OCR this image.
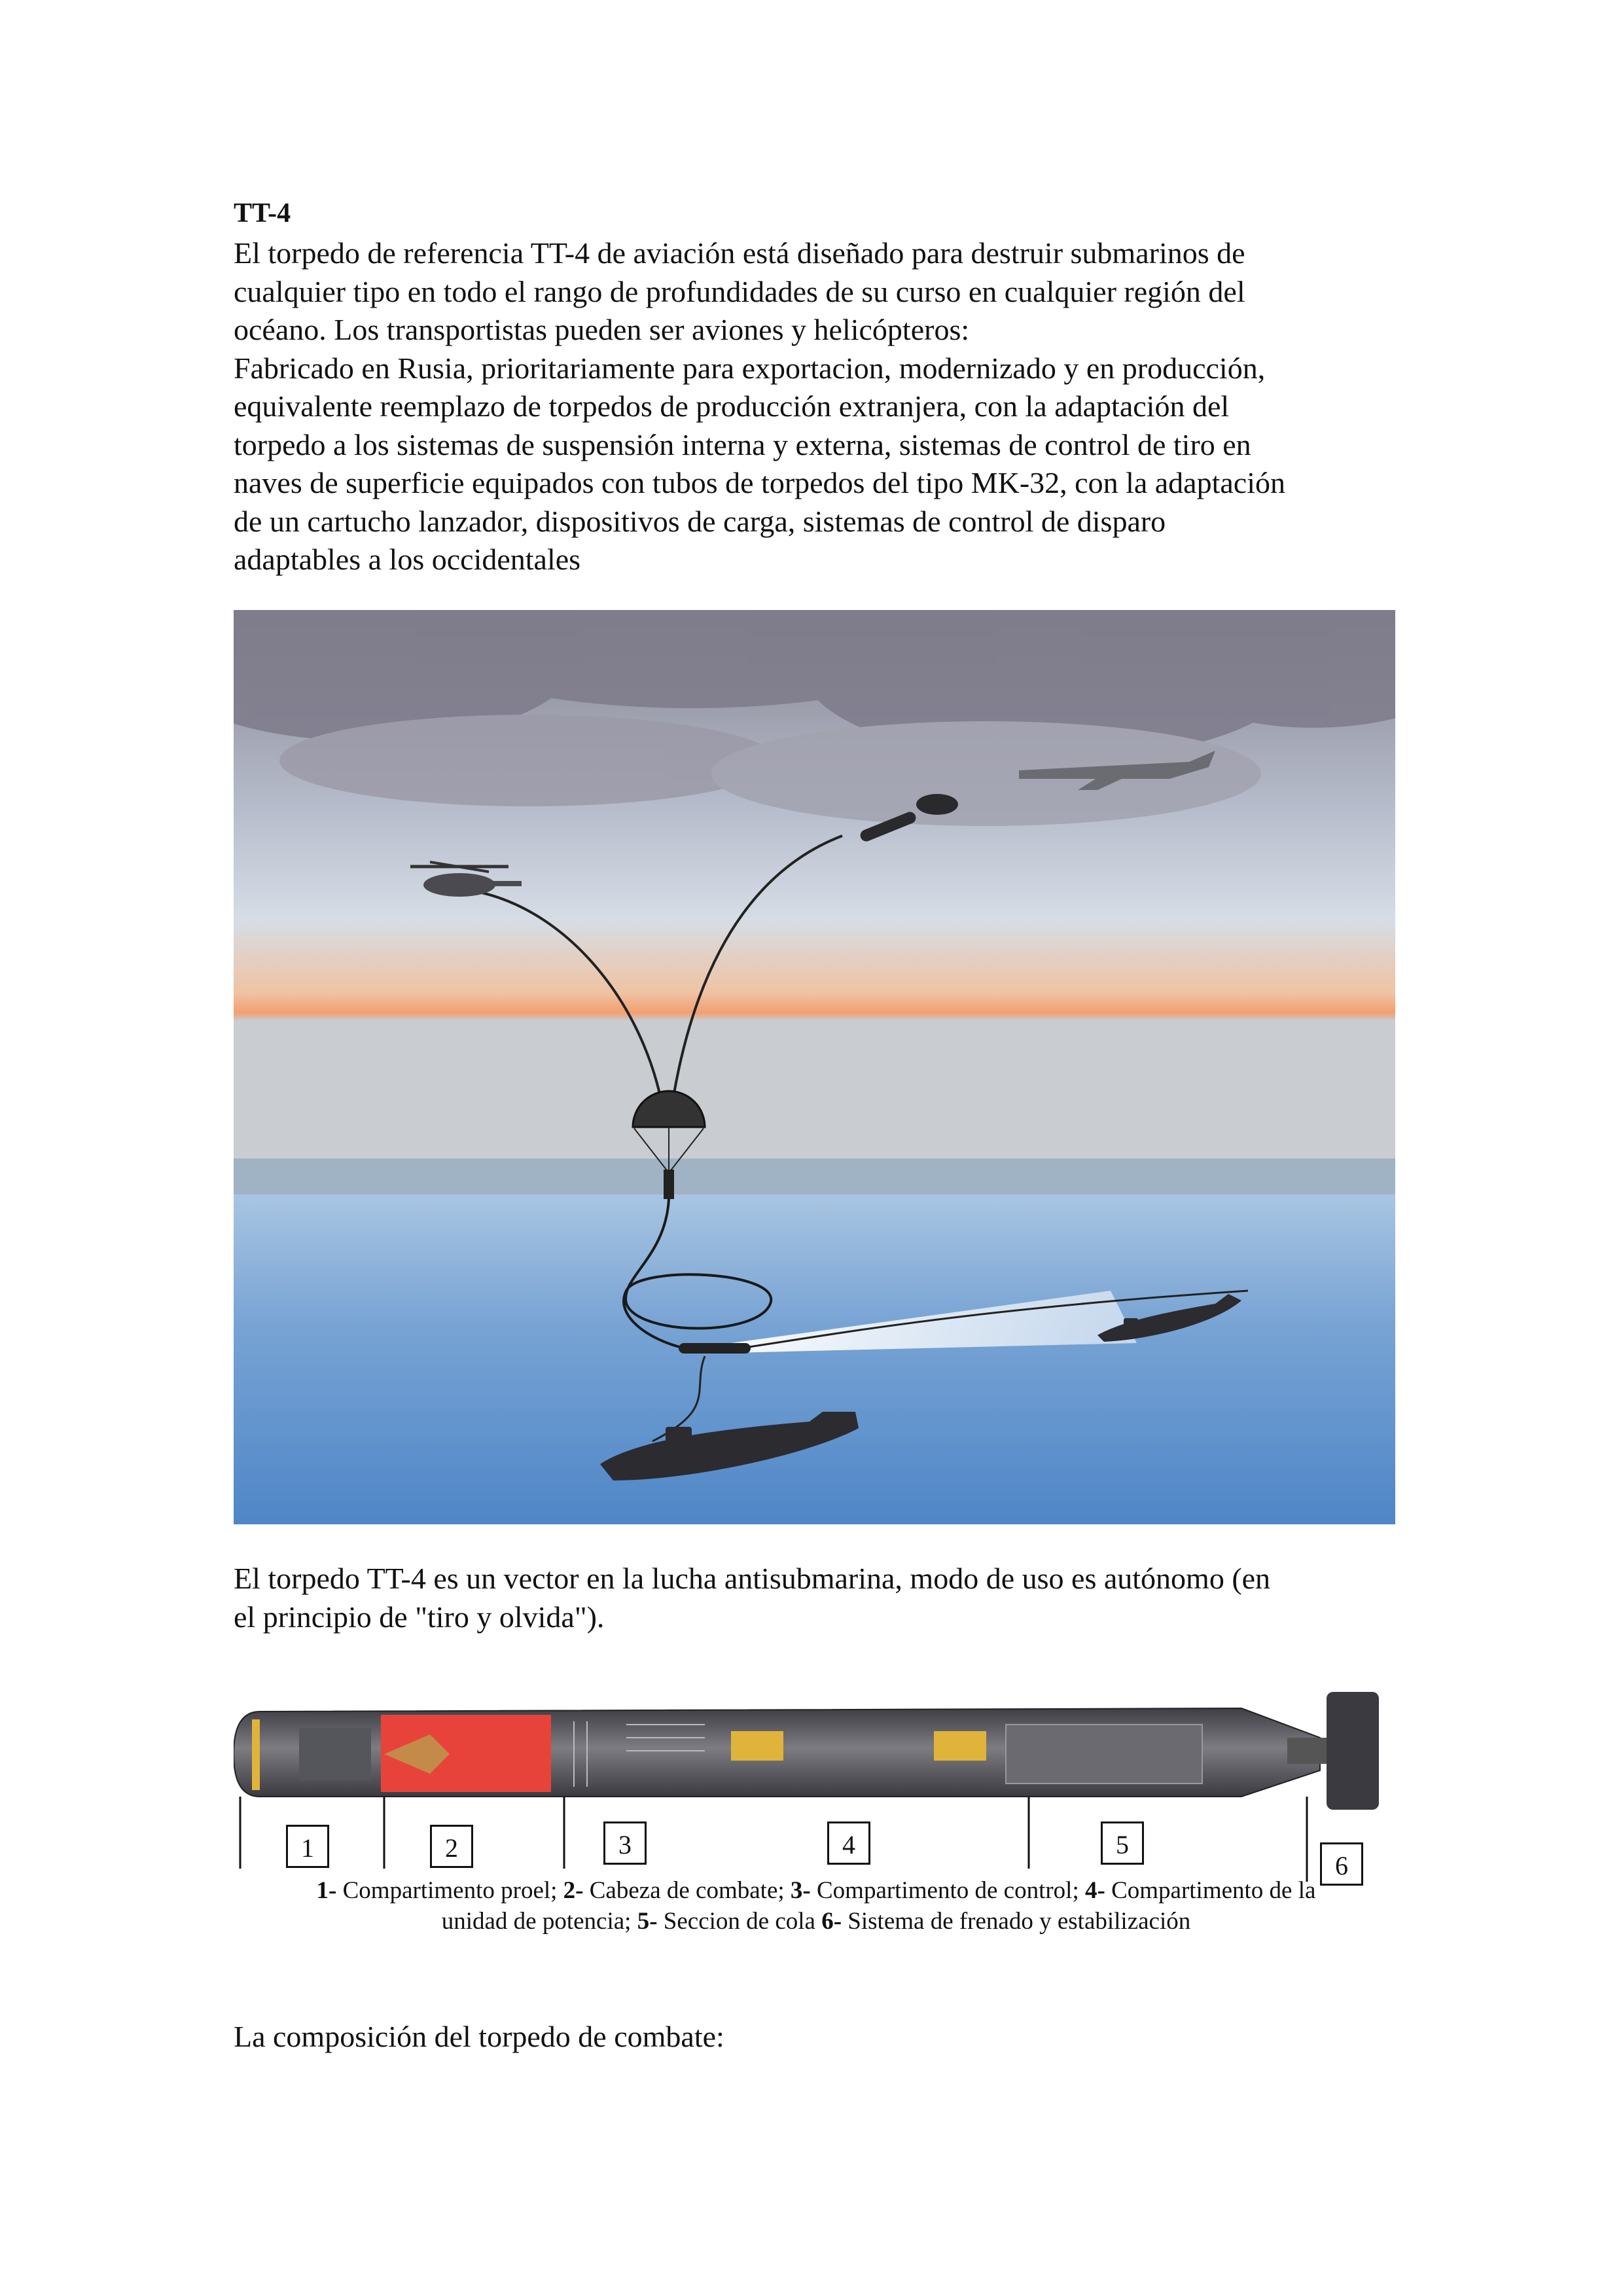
TT-4
El torpedo de referencia TT-4 de aviación está diseñado para destruir submarinos de
cualquier tipo en todo el rango de profundidades de su curso en cualquier región del
océano. Los transportistas pueden ser aviones y helicópteros:
Fabricado en Rusia, prioritariamente para exportacion, modernizado y en producción,
equivalente reemplazo de torpedos de producción extranjera, con la adaptación del
torpedo a los sistemas de suspensión interna y externa, sistemas de control de tiro en
naves de superficie equipados con tubos de torpedos del tipo MK-32, con la adaptación
de un cartucho lanzador, dispositivos de carga, sistemas de control de disparo
adaptables a los occidentales
El torpedo TT-4 es un vector en la lucha antisubmarina, modo de uso es autónomo (en
el principio de "tiro y olvida").
1	2	3	4	5
6

1- Compartimento proel; 2- Cabeza de combate; 3- Compartimento de control; 4- Compartimento de la
unidad de potencia; 5- Seccion de cola 6- Sistema de frenado y estabilización

La composición del torpedo de combate:
